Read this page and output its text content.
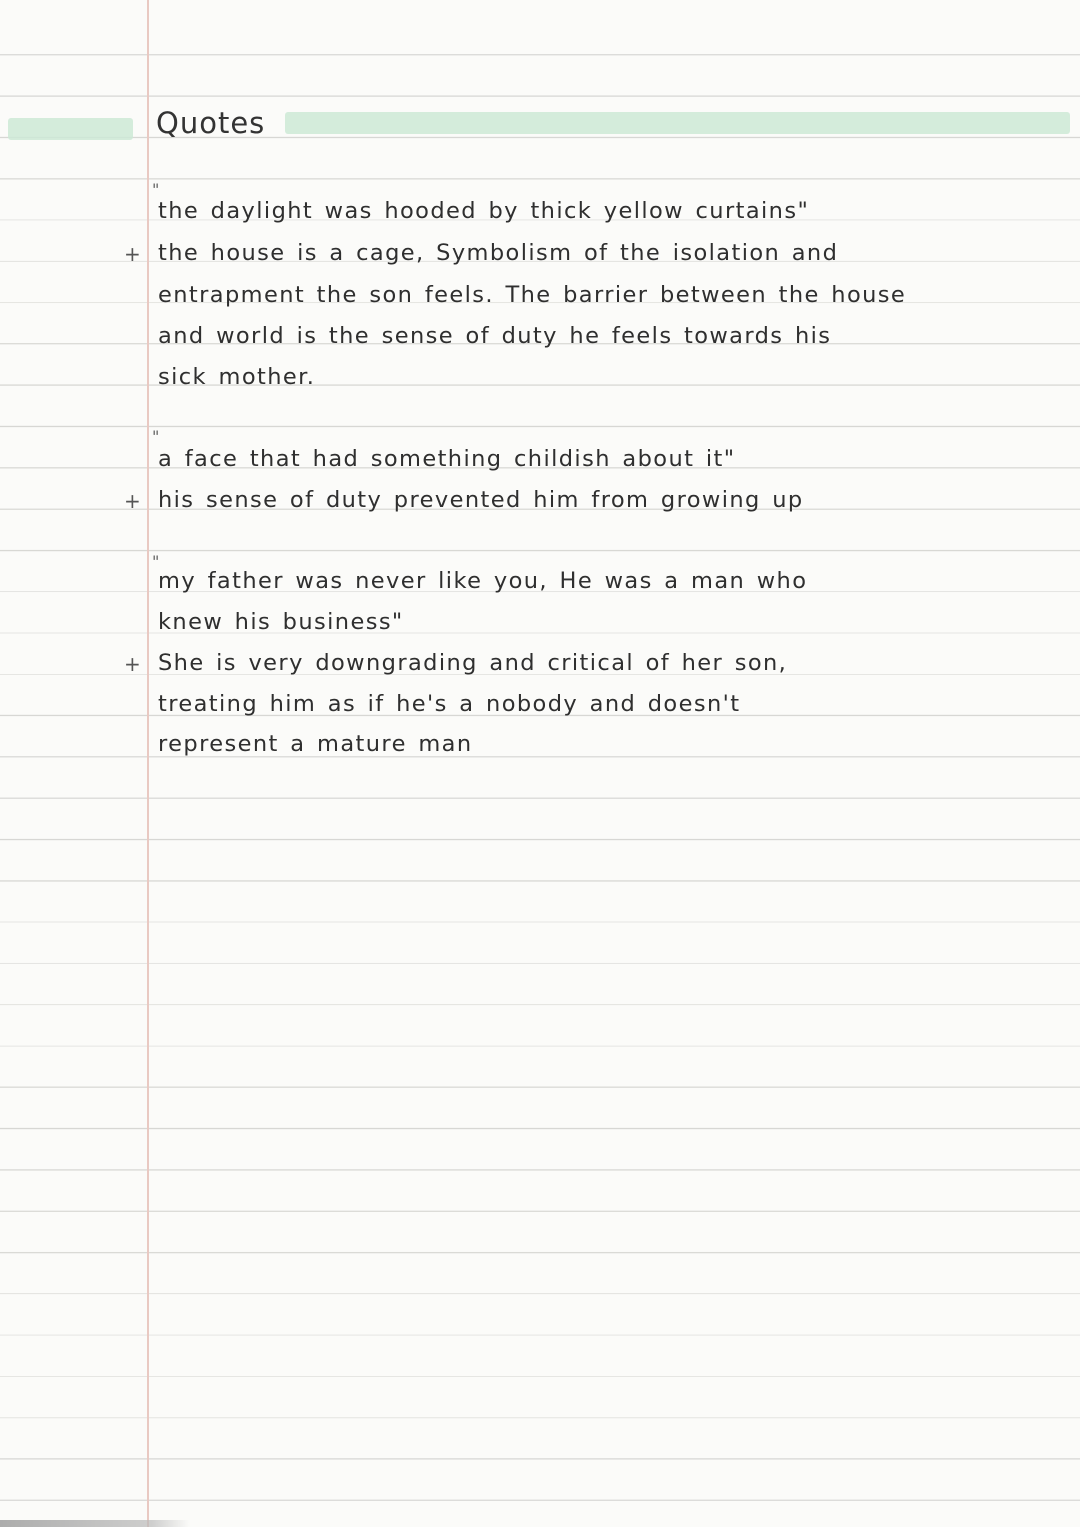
Quotes
"
the daylight was hooded by thick yellow curtains"
+ the house is a cage, Symbolism of the isolation and
entrapment the son feels. The barrier between the house
and world is the sense of duty he feels towards his
sick mother.
"
a face that had something childish about it"
+ his sense of duty prevented him from growing up
"
my father was never like you, He was a man who
knew his business"
+ She is very downgrading and critical of her son,
treating him as if he's a nobody and doesn't
represent a mature man
